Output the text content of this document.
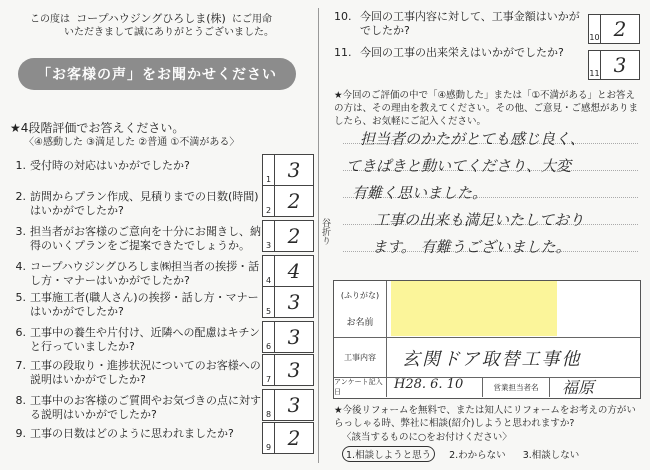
この度は コープハウジングひろしま(株) にご用命
いただきまして誠にありがとうございました。
「お客様の声」をお聞かせください
★4段階評価でお答えください。
〈④感動した ③満足した ②普通 ①不満がある〉
1. 受付時の対応はいかがでしたか?
1 3
2. 訪問からプラン作成、見積りまでの日数(時間)はいかがでしたか?	2 2
3. 担当者がお客様のご意向を十分にお聞きし、納得のいくプランをご提案できたでしょうか。	3 2
4. コープハウジングひろしま㈱担当者の挨拶・話し方・マナーはいかがでしたか?	4 4
5. 工事施工者(職人さん)の挨拶・話し方・マナーはいかがでしたか?	5 3
6. 工事中の養生や片付け、近隣への配慮はキチンと行っていましたか?	6 3
7. 工事の段取り・進捗状況についてのお客様への説明はいかがでしたか?	7 3
8. 工事中のお客様のご質問やお気づきの点に対する説明はいかがでしたか?	8 3
9. 工事の日数はどのように思われましたか?
9 2
谷折り
10. 今回の工事内容に対して、工事金額はいかがでしたか?
10 2
11. 今回の工事の出来栄えはいかがでしたか?
11 3
★今回のご評価の中で「④感動した」または「①不満がある」とお答えの方は、その理由を教えてください。その他、ご意見・ご感想がありましたら、お気軽にご記入ください。
担当者のかたがとても感じ良く、
てきぱきと動いてくださり、大変
有難く思いました。
工事の出来も満足いたしており
ます。 有難うございました。
(ふりがな)
お名前
工事内容 玄関ドア取替工事他
アンケート記入日	H28. 6. 10	営業担当者名	福原
★今後リフォームを無料で、または知人にリフォームをお考えの方がいらっしゃる時、弊社に相談(紹介)しようと思われますか?
〈該当するものに○をお付けください〉
1.相談しようと思う 2.わからない 3.相談しない
